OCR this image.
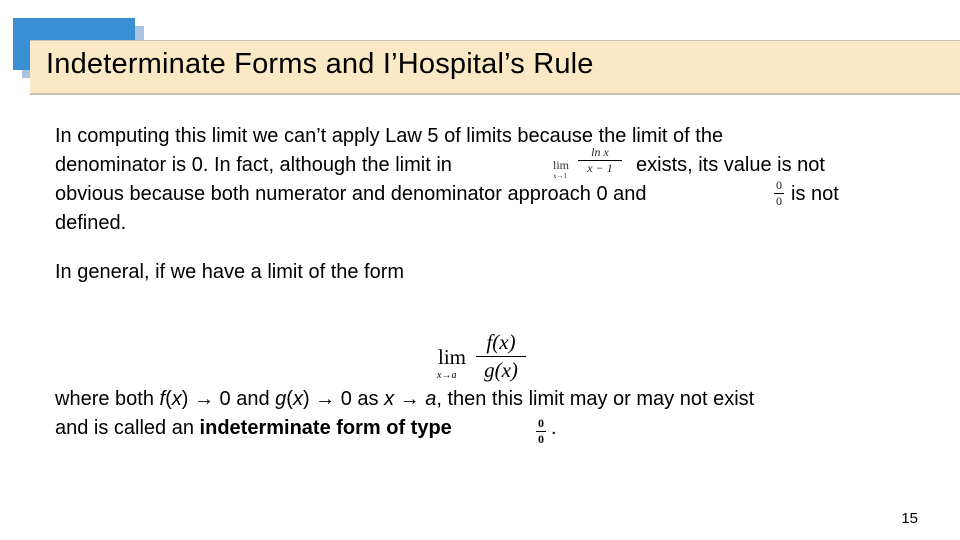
Indeterminate Forms and I’Hospital’s Rule
In computing this limit we can’t apply Law 5 of limits because the limit of the
denominator is 0. In fact, although the limit in	exists, its value is not
lim
x→1
ln x
x − 1
obvious because both numerator and denominator approach 0 and	0
0 is not
defined.
In general, if we have a limit of the form
lim
x→a
f(x)
g(x)
where both f(x) → 0 and g(x) → 0 as x → a, then this limit may or may not exist
and is called an indeterminate form of type	0
0 .
15
